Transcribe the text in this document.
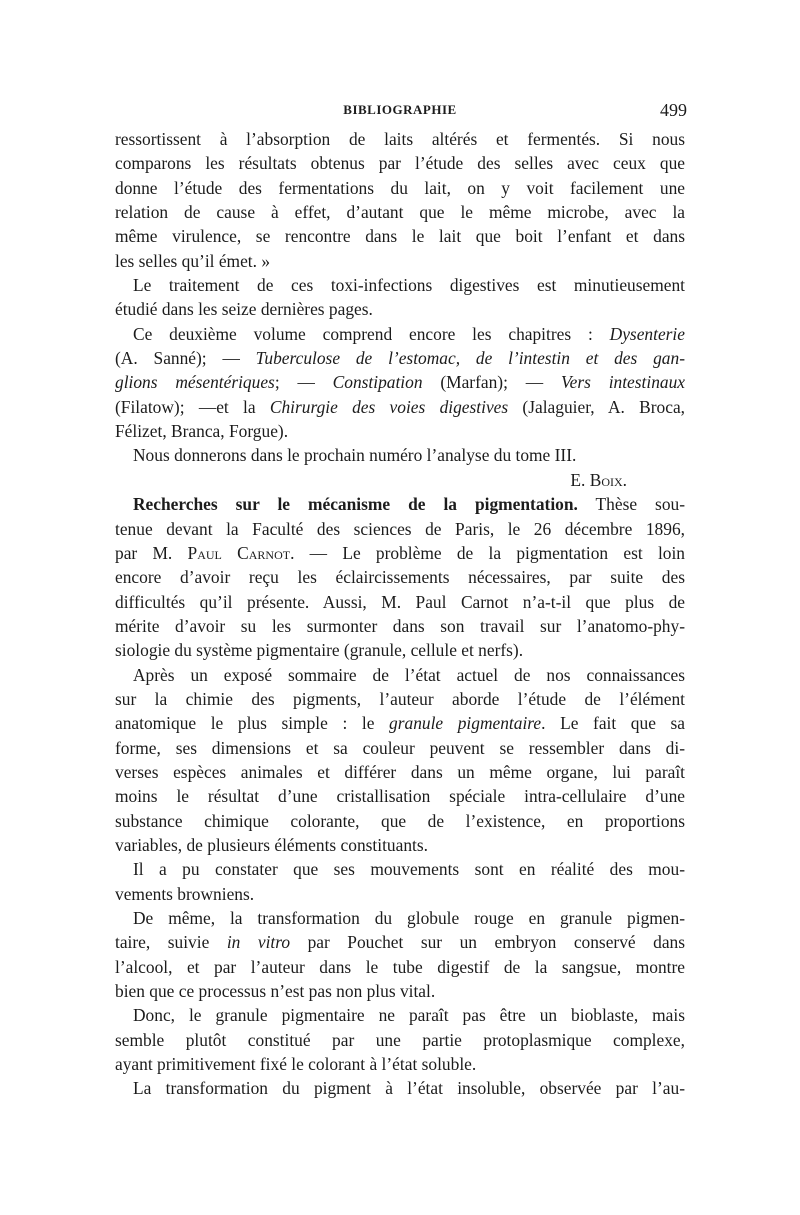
BIBLIOGRAPHIE	499
ressortissent à l’absorption de laits altérés et fermentés. Si nous
comparons les résultats obtenus par l’étude des selles avec ceux que
donne l’étude des fermentations du lait, on y voit facilement une
relation de cause à effet, d’autant que le même microbe, avec la
même virulence, se rencontre dans le lait que boit l’enfant et dans
les selles qu’il émet. »
Le traitement de ces toxi-infections digestives est minutieusement
étudié dans les seize dernières pages.
Ce deuxième volume comprend encore les chapitres : Dysenterie
(A. Sanné); — Tuberculose de l’estomac, de l’intestin et des gan-
glions mésentériques; — Constipation (Marfan); — Vers intestinaux
(Filatow); —et la Chirurgie des voies digestives (Jalaguier, A. Broca,
Félizet, Branca, Forgue).
Nous donnerons dans le prochain numéro l’analyse du tome III.
E. Boix.
Recherches sur le mécanisme de la pigmentation. Thèse sou-
tenue devant la Faculté des sciences de Paris, le 26 décembre 1896,
par M. Paul Carnot. — Le problème de la pigmentation est loin
encore d’avoir reçu les éclaircissements nécessaires, par suite des
difficultés qu’il présente. Aussi, M. Paul Carnot n’a-t-il que plus de
mérite d’avoir su les surmonter dans son travail sur l’anatomo-phy-
siologie du système pigmentaire (granule, cellule et nerfs).
Après un exposé sommaire de l’état actuel de nos connaissances
sur la chimie des pigments, l’auteur aborde l’étude de l’élément
anatomique le plus simple : le granule pigmentaire. Le fait que sa
forme, ses dimensions et sa couleur peuvent se ressembler dans di-
verses espèces animales et différer dans un même organe, lui paraît
moins le résultat d’une cristallisation spéciale intra-cellulaire d’une
substance chimique colorante, que de l’existence, en proportions
variables, de plusieurs éléments constituants.
Il a pu constater que ses mouvements sont en réalité des mou-
vements browniens.
De même, la transformation du globule rouge en granule pigmen-
taire, suivie in vitro par Pouchet sur un embryon conservé dans
l’alcool, et par l’auteur dans le tube digestif de la sangsue, montre
bien que ce processus n’est pas non plus vital.
Donc, le granule pigmentaire ne paraît pas être un bioblaste, mais
semble plutôt constitué par une partie protoplasmique complexe,
ayant primitivement fixé le colorant à l’état soluble.
La transformation du pigment à l’état insoluble, observée par l’au-
